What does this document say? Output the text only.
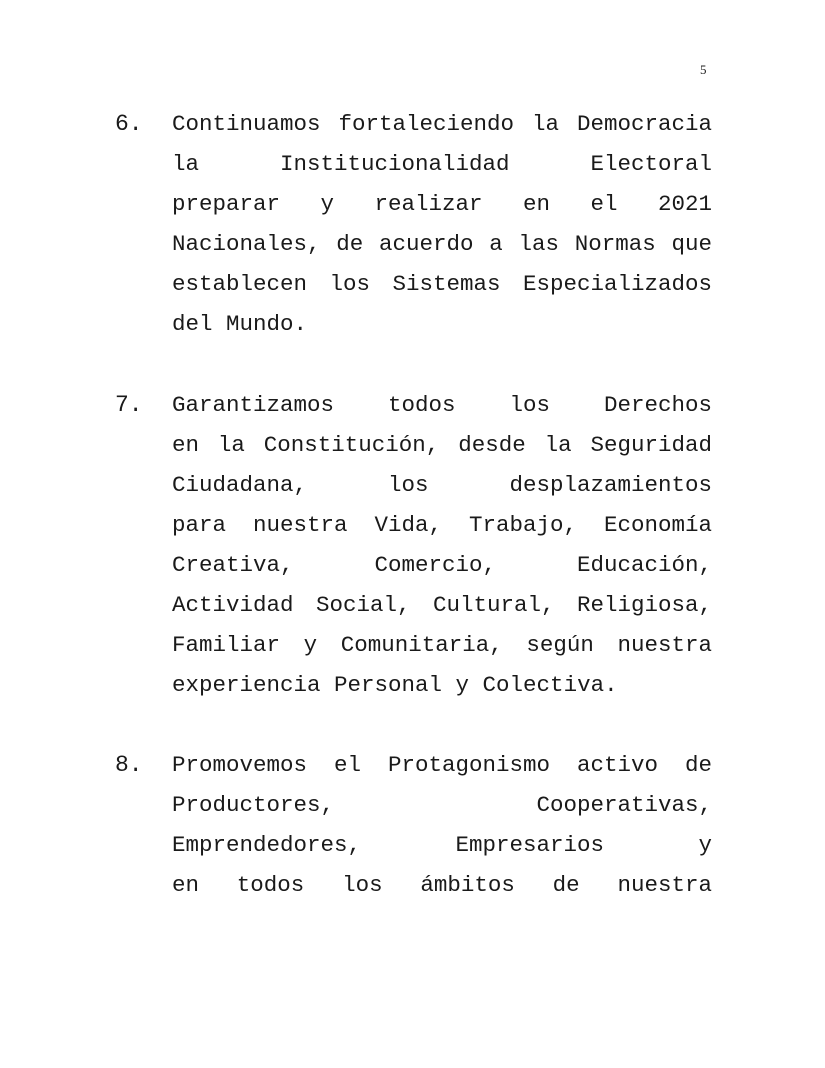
5
6. Continuamos fortaleciendo la Democracia
la Institucionalidad Electoral
preparar y realizar en el 2021
Nacionales, de acuerdo a las Normas que
establecen los Sistemas Especializados
del Mundo.
7. Garantizamos todos los Derechos
en la Constitución, desde la Seguridad
Ciudadana, los desplazamientos
para nuestra Vida, Trabajo, Economía
Creativa, Comercio, Educación,
Actividad Social, Cultural, Religiosa,
Familiar y Comunitaria, según nuestra
experiencia Personal y Colectiva.
8. Promovemos el Protagonismo activo de
Productores, Cooperativas,
Emprendedores, Empresarios y
en todos los ámbitos de nuestra
